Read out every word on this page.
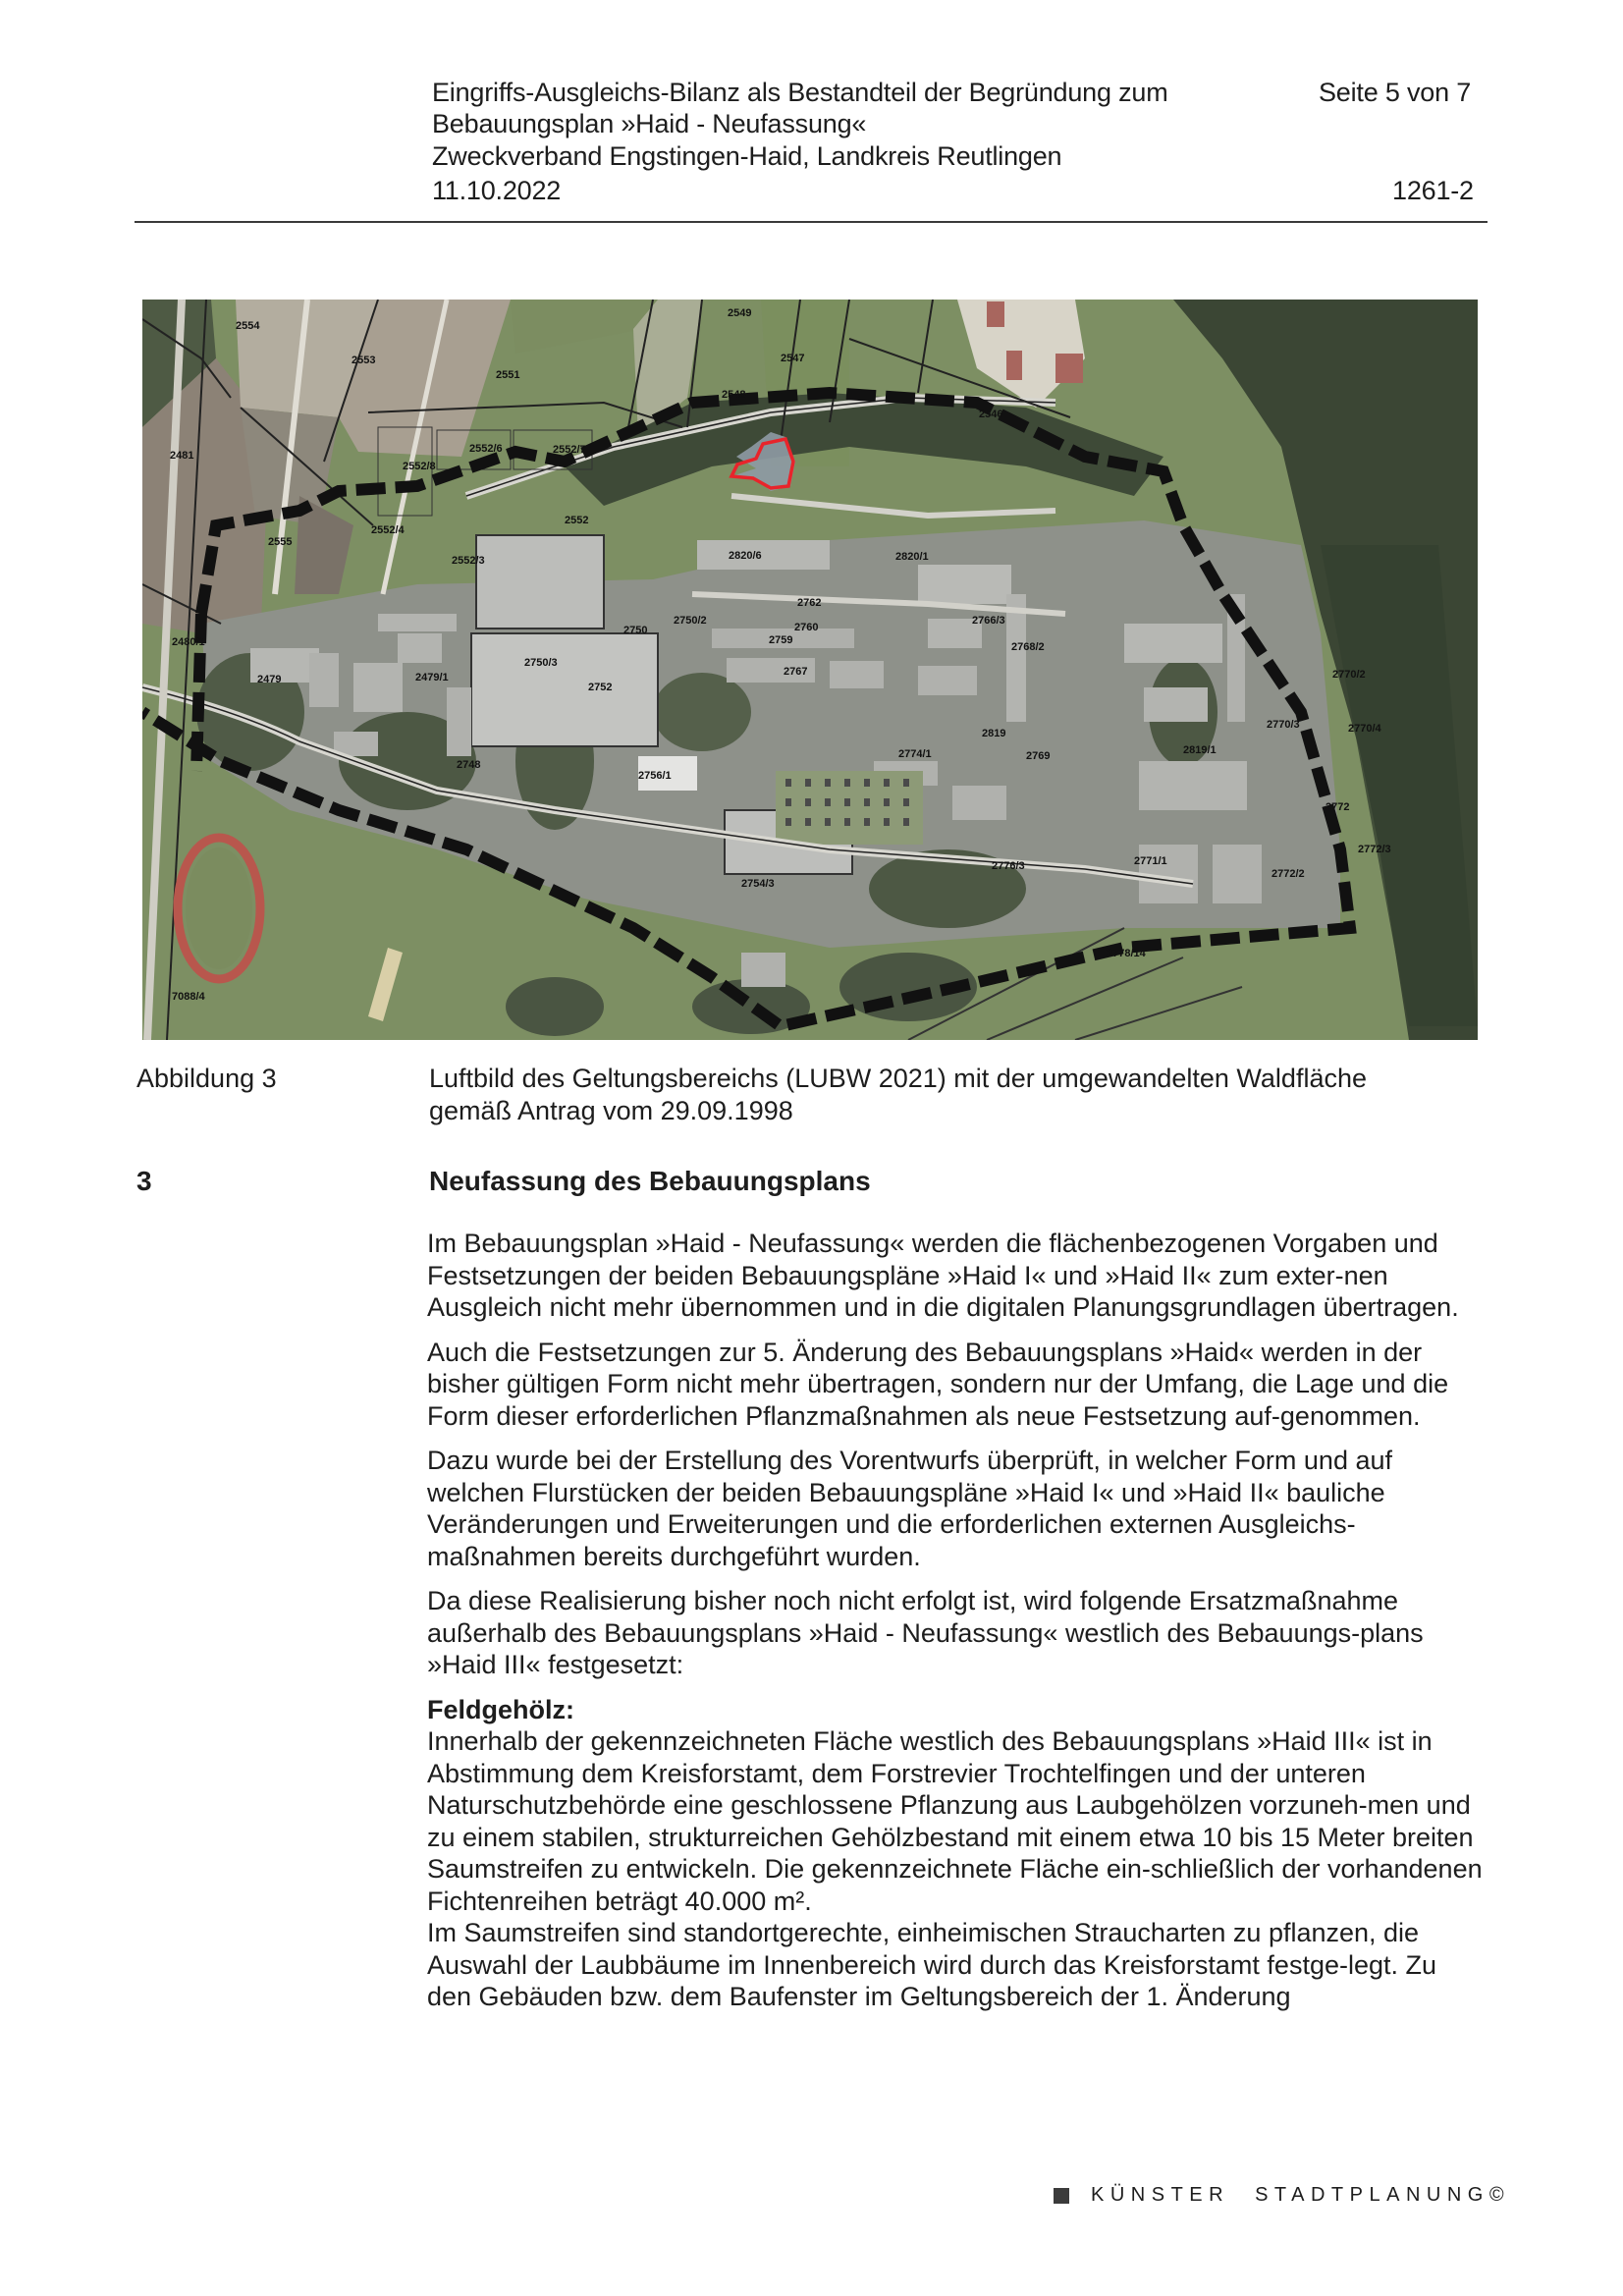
Eingriffs-Ausgleichs-Bilanz als Bestandteil der Begründung zum
Bebauungsplan »Haid - Neufassung«
Zweckverband Engstingen-Haid, Landkreis Reutlingen
11.10.2022
Seite 5 von 7
1261-2
2554
2553
2551
2549
2547
2548
2546
2481
2552/8
2552/6	2552/7
2552/4
2552
2555
2552/3	2820/6	2820/1
2480/1
2479	2479/1
2750/3
2750
2750/2
2762
2760
2759
2767
2752
2766/3
2768/2
2770/2
2748
2756/1
2819
2819/1
2770/3	2770/4
2774/1	2769
2772
2772/3
2772/2
2771/1
2754/3
2778/14
2776/3
7088/4
Abbildung 3	Luftbild des Geltungsbereichs (LUBW 2021) mit der umgewandelten Waldfläche
gemäß Antrag vom 29.09.1998
3	Neufassung des Bebauungsplans

Im Bebauungsplan »Haid - Neufassung« werden die flächenbezogenen Vorgaben und Festsetzungen der beiden Bebauungspläne »Haid I« und »Haid II« zum exter-nen Ausgleich nicht mehr übernommen und in die digitalen Planungsgrundlagen übertragen.

Auch die Festsetzungen zur 5. Änderung des Bebauungsplans »Haid« werden in der bisher gültigen Form nicht mehr übertragen, sondern nur der Umfang, die Lage und die Form dieser erforderlichen Pflanzmaßnahmen als neue Festsetzung auf-genommen.

Dazu wurde bei der Erstellung des Vorentwurfs überprüft, in welcher Form und auf welchen Flurstücken der beiden Bebauungspläne »Haid I« und »Haid II« bauliche Veränderungen und Erweiterungen und die erforderlichen externen Ausgleichs-maßnahmen bereits durchgeführt wurden.

Da diese Realisierung bisher noch nicht erfolgt ist, wird folgende Ersatzmaßnahme außerhalb des Bebauungsplans »Haid - Neufassung« westlich des Bebauungs-plans »Haid III« festgesetzt:

Feldgehölz:
Innerhalb der gekennzeichneten Fläche westlich des Bebauungsplans »Haid III« ist in Abstimmung dem Kreisforstamt, dem Forstrevier Trochtelfingen und der unteren Naturschutzbehörde eine geschlossene Pflanzung aus Laubgehölzen vorzuneh-men und zu einem stabilen, strukturreichen Gehölzbestand mit einem etwa 10 bis 15 Meter breiten Saumstreifen zu entwickeln. Die gekennzeichnete Fläche ein-schließlich der vorhandenen Fichtenreihen beträgt 40.000 m².
Im Saumstreifen sind standortgerechte, einheimischen Straucharten zu pflanzen, die Auswahl der Laubbäume im Innenbereich wird durch das Kreisforstamt festge-legt. Zu den Gebäuden bzw. dem Baufenster im Geltungsbereich der 1. Änderung
KÜNSTER STADTPLANUNG©
